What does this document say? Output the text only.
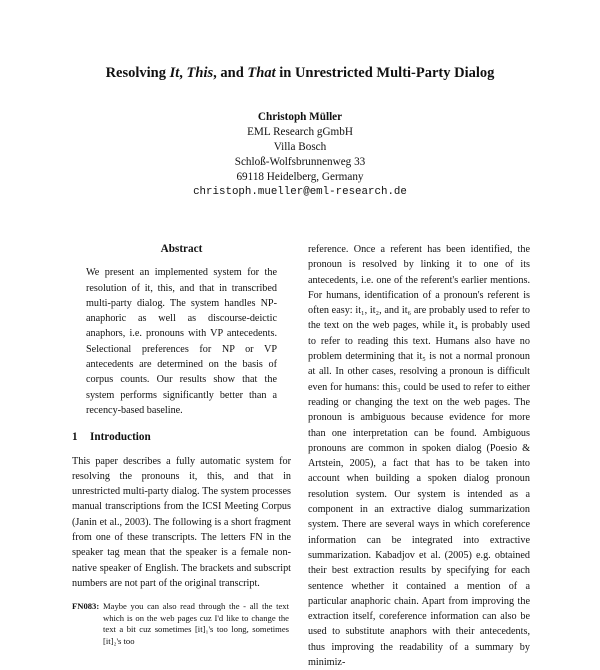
Resolving It, This, and That in Unrestricted Multi-Party Dialog
Christoph Müller
EML Research gGmbH
Villa Bosch
Schloß-Wolfsbrunnenweg 33
69118 Heidelberg, Germany
christoph.mueller@eml-research.de
Abstract

We present an implemented system for the resolution of it, this, and that in transcribed multi-party dialog. The system handles NP-anaphoric as well as discourse-deictic anaphors, i.e. pronouns with VP antecedents. Selectional preferences for NP or VP antecedents are determined on the basis of corpus counts. Our results show that the system performs significantly better than a recency-based baseline.

1 Introduction

This paper describes a fully automatic system for resolving the pronouns it, this, and that in unrestricted multi-party dialog. The system processes manual transcriptions from the ICSI Meeting Corpus (Janin et al., 2003). The following is a short fragment from one of these transcripts. The letters FN in the speaker tag mean that the speaker is a female non-native speaker of English. The brackets and subscript numbers are not part of the original transcript.

FN083: Maybe you can also read through the - all the text which is on the web pages cuz I'd like to change the text a bit cuz sometimes [it]₁'s too long, sometimes [it]₂'s too

reference. Once a referent has been identified, the pronoun is resolved by linking it to one of its antecedents, i.e. one of the referent's earlier mentions. For humans, identification of a pronoun's referent is often easy: it₁, it₂, and it₆ are probably used to refer to the text on the web pages, while it₄ is probably used to refer to reading this text. Humans also have no problem determining that it₅ is not a normal pronoun at all. In other cases, resolving a pronoun is difficult even for humans: this₃ could be used to refer to either reading or changing the text on the web pages. The pronoun is ambiguous because evidence for more than one interpretation can be found. Ambiguous pronouns are common in spoken dialog (Poesio & Artstein, 2005), a fact that has to be taken into account when building a spoken dialog pronoun resolution system. Our system is intended as a component in an extractive dialog summarization system. There are several ways in which coreference information can be integrated into extractive summarization. Kabadjov et al. (2005) e.g. obtained their best extraction results by specifying for each sentence whether it contained a mention of a particular anaphoric chain. Apart from improving the extraction itself, coreference information can also be used to substitute anaphors with their antecedents, thus improving the readability of a summary by minimiz-
